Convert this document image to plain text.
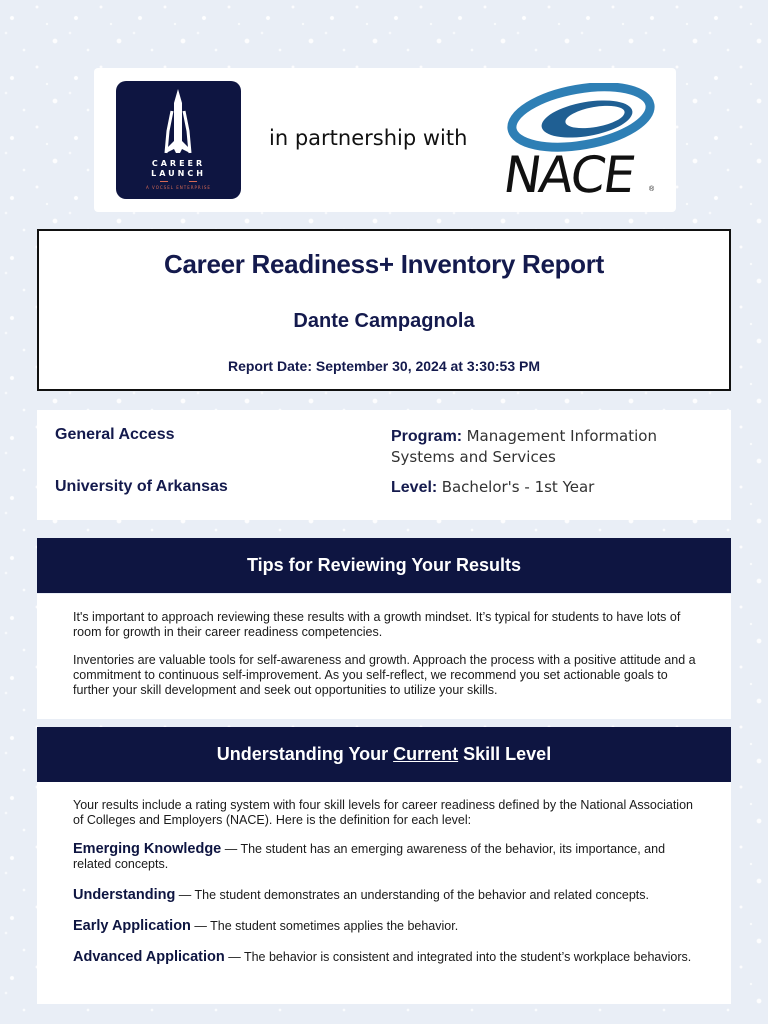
CAREER
LAUNCH
A VOCSEL ENTERPRISE
in partnership with
NACE ®
Career Readiness+ Inventory Report
Dante Campagnola
Report Date: September 30, 2024 at 3:30:53 PM
General Access
University of Arkansas
Program: Management Information Systems and Services
Level: Bachelor's - 1st Year
Tips for Reviewing Your Results
It's important to approach reviewing these results with a growth mindset. It’s typical for students to have lots of room for growth in their career readiness competencies.
Inventories are valuable tools for self-awareness and growth. Approach the process with a positive attitude and a commitment to continuous self-improvement. As you self-reflect, we recommend you set actionable goals to further your skill development and seek out opportunities to utilize your skills.
Understanding Your Current Skill Level
Your results include a rating system with four skill levels for career readiness defined by the National Association of Colleges and Employers (NACE). Here is the definition for each level:
Emerging Knowledge — The student has an emerging awareness of the behavior, its importance, and related concepts.
Understanding — The student demonstrates an understanding of the behavior and related concepts.
Early Application — The student sometimes applies the behavior.
Advanced Application — The behavior is consistent and integrated into the student’s workplace behaviors.
